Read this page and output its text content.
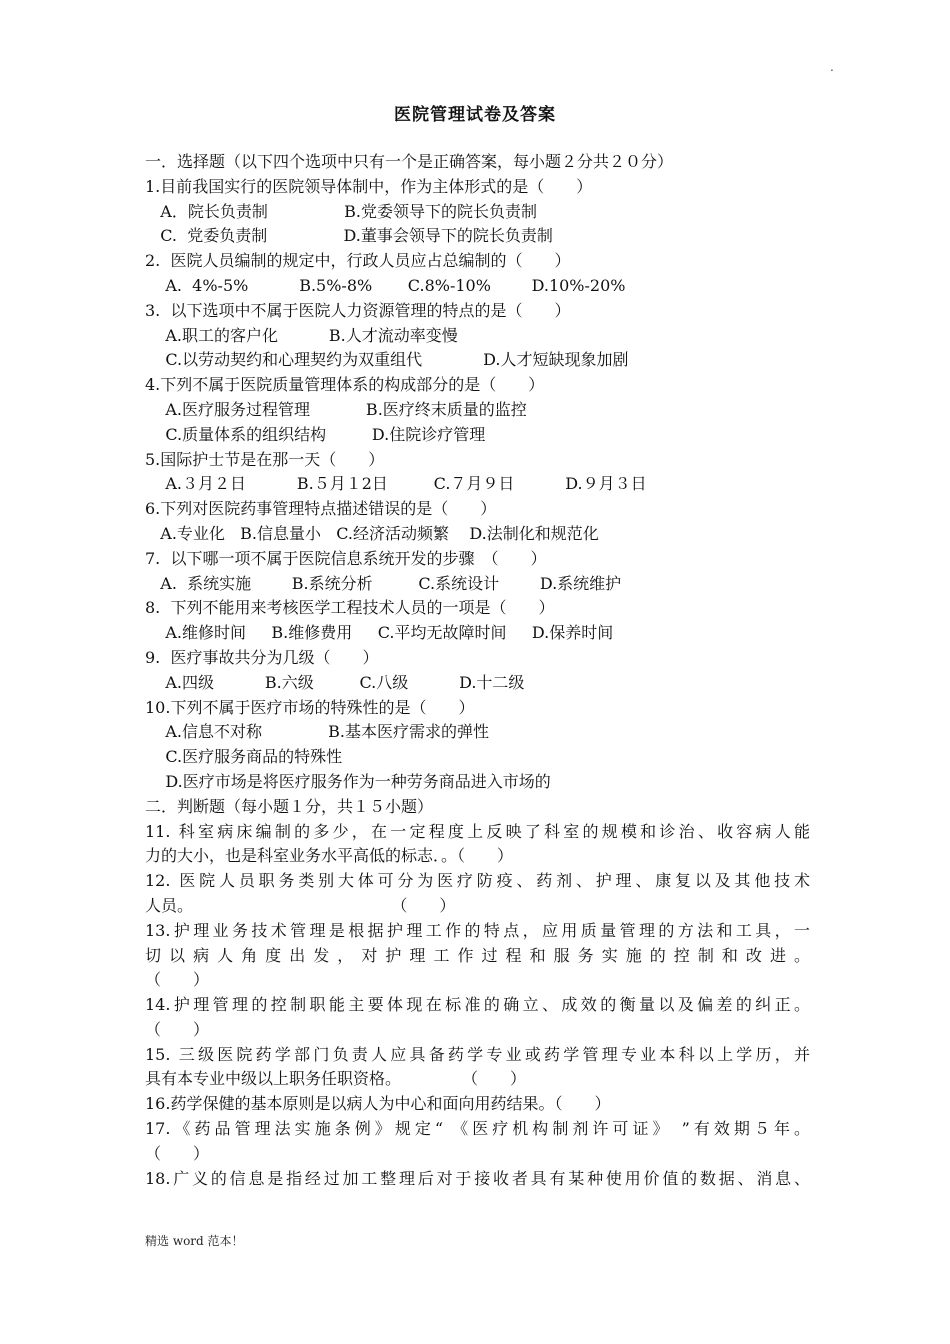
.
医院管理试卷及答案
一．选择题（以下四个选项中只有一个是正确答案，每小题２分共２０分）
1.目前我国实行的医院领导体制中，作为主体形式的是（　　）
A．院长负责制               B.党委领导下的院长负责制
C.  党委负责制               D.董事会领导下的院长负责制
2.  医院人员编制的规定中，行政人员应占总编制的（　　）
A.  4%-5%          B.5%-8%       C.8%-10%        D.10%-20%
3.  以下选项中不属于医院人力资源管理的特点的是（　　）
A.职工的客户化          B.人才流动率变慢
C.以劳动契约和心理契约为双重组代            D.人才短缺现象加剧
4.下列不属于医院质量管理体系的构成部分的是（　　）
A.医疗服务过程管理           B.医疗终末质量的监控
C.质量体系的组织结构         D.住院诊疗管理
5.国际护士节是在那一天（　　）
A.３月２日          B.５月１2日         C.７月９日          D.９月３日
6.下列对医院药事管理特点描述错误的是（　　）
A.专业化   B.信息量小   C.经济活动频繁    D.法制化和规范化
7.  以下哪一项不属于医院信息系统开发的步骤　（　　）
A.  系统实施        B.系统分析         C.系统设计        D.系统维护
8.  下列不能用来考核医学工程技术人员的一项是（　　）
A.维修时间     B.维修费用     C.平均无故障时间     D.保养时间
9.  医疗事故共分为几级（　　）
A.四级          B.六级         C.八级          D.十二级
10.下列不属于医疗市场的特殊性的是（　　）
A.信息不对称             B.基本医疗需求的弹性
C.医疗服务商品的特殊性
D.医疗市场是将医疗服务作为一种劳务商品进入市场的
二．判断题（每小题１分，共１５小题）
11. 科室病床编制的多少，在一定程度上反映了科室的规模和诊治、收容病人能
力的大小，也是科室业务水平高低的标志．。（　　）
12. 医院人员职务类别大体可分为医疗防疫、药剂、护理、康复以及其他技术
人员。                                       （　　）
13.护理业务技术管理是根据护理工作的特点，应用质量管理的方法和工具，一
切以病人角度出发，对护理工作过程和服务实施的控制和改进。
（　　）
14.护理管理的控制职能主要体现在标准的确立、成效的衡量以及偏差的纠正。
（　　）
15. 三级医院药学部门负责人应具备药学专业或药学管理专业本科以上学历，并
具有本专业中级以上职务任职资格。            （　　）
16.药学保健的基本原则是以病人为中心和面向用药结果。（　　）
17.《药品管理法实施条例》规定“ 《医疗机构制剂许可证》 ”有效期５年。
（　　）
18.广义的信息是指经过加工整理后对于接收者具有某种使用价值的数据、消息、
精选 word 范本！
